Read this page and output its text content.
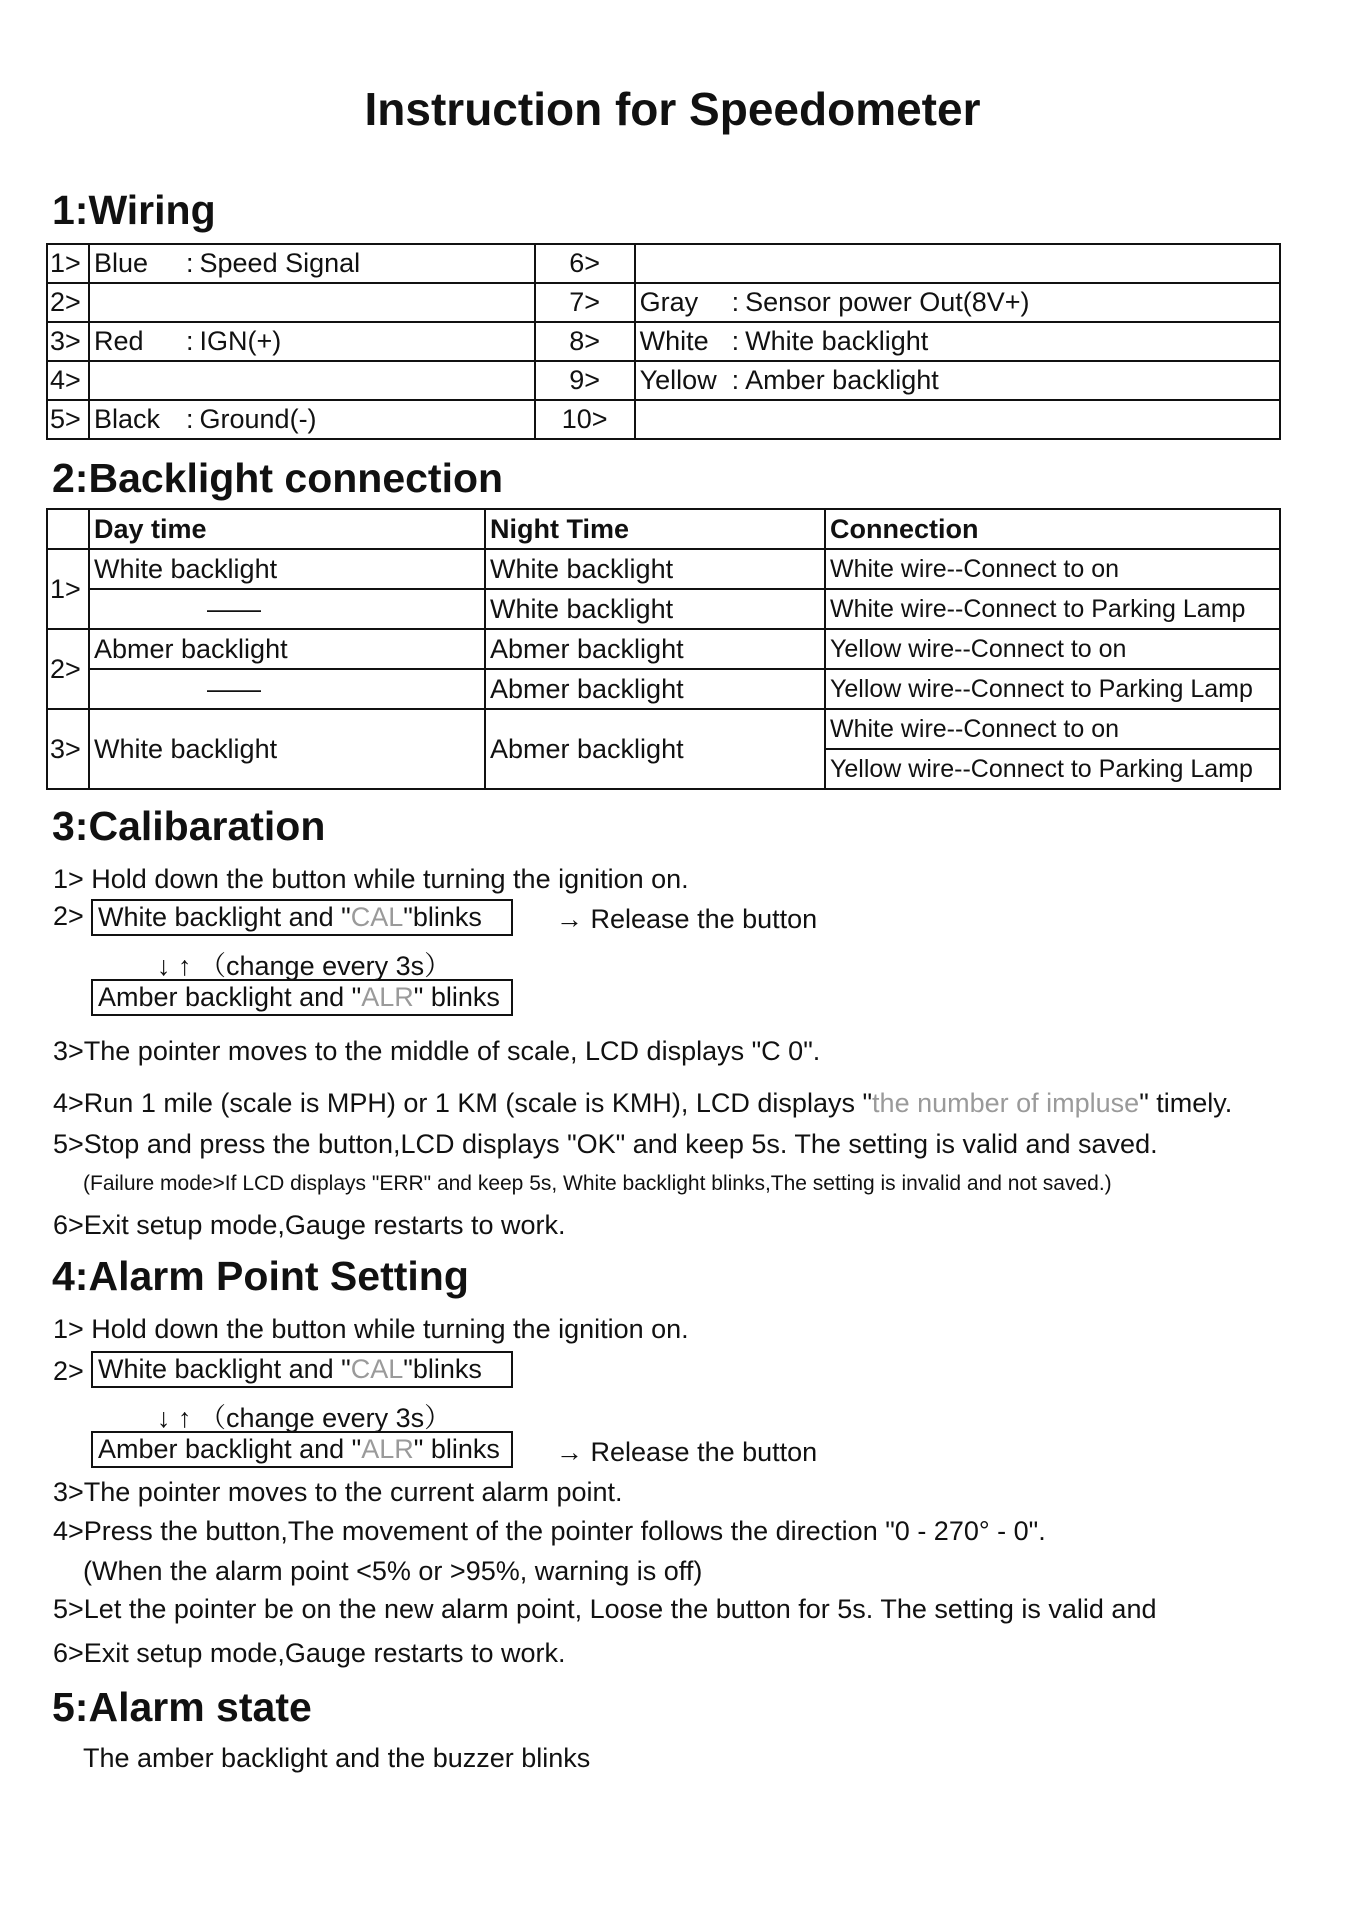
Instruction for Speedometer
1:Wiring
1>	Blue : Speed Signal	6>	
2>		7>	Gray : Sensor power Out(8V+)
3>	Red : IGN(+)	8>	White : White backlight
4>		9>	Yellow : Amber backlight
5>	Black : Ground(-)	10>	
2:Backlight connection
	Day time	Night Time	Connection
1>	White backlight	White backlight	White wire--Connect to on
	——	White backlight	White wire--Connect to Parking Lamp
2>	Abmer backlight	Abmer backlight	Yellow wire--Connect to on
	——	Abmer backlight	Yellow wire--Connect to Parking Lamp
3>	White backlight	Abmer backlight	White wire--Connect to on
			Yellow wire--Connect to Parking Lamp
3:Calibaration
1> Hold down the button while turning the ignition on.
2> White backlight and "CAL"blinks	→ Release the button
↓ ↑ （change every 3s）
Amber backlight and "ALR" blinks
3>The pointer moves to the middle of scale, LCD displays "C 0".
4>Run 1 mile (scale is MPH) or 1 KM (scale is KMH), LCD displays "the number of impluse" timely.
5>Stop and press the button,LCD displays "OK" and keep 5s. The setting is valid and saved.
(Failure mode>If LCD displays "ERR" and keep 5s, White backlight blinks,The setting is invalid and not saved.)
6>Exit setup mode,Gauge restarts to work.
4:Alarm Point Setting
1> Hold down the button while turning the ignition on.
2> White backlight and "CAL"blinks
↓ ↑ （change every 3s）
Amber backlight and "ALR" blinks	→ Release the button
3>The pointer moves to the current alarm point.
4>Press the button,The movement of the pointer follows the direction "0 - 270° - 0".
(When the alarm point <5% or >95%, warning is off)
5>Let the pointer be on the new alarm point, Loose the button for 5s. The setting is valid and
6>Exit setup mode,Gauge restarts to work.
5:Alarm state
The amber backlight and the buzzer blinks
